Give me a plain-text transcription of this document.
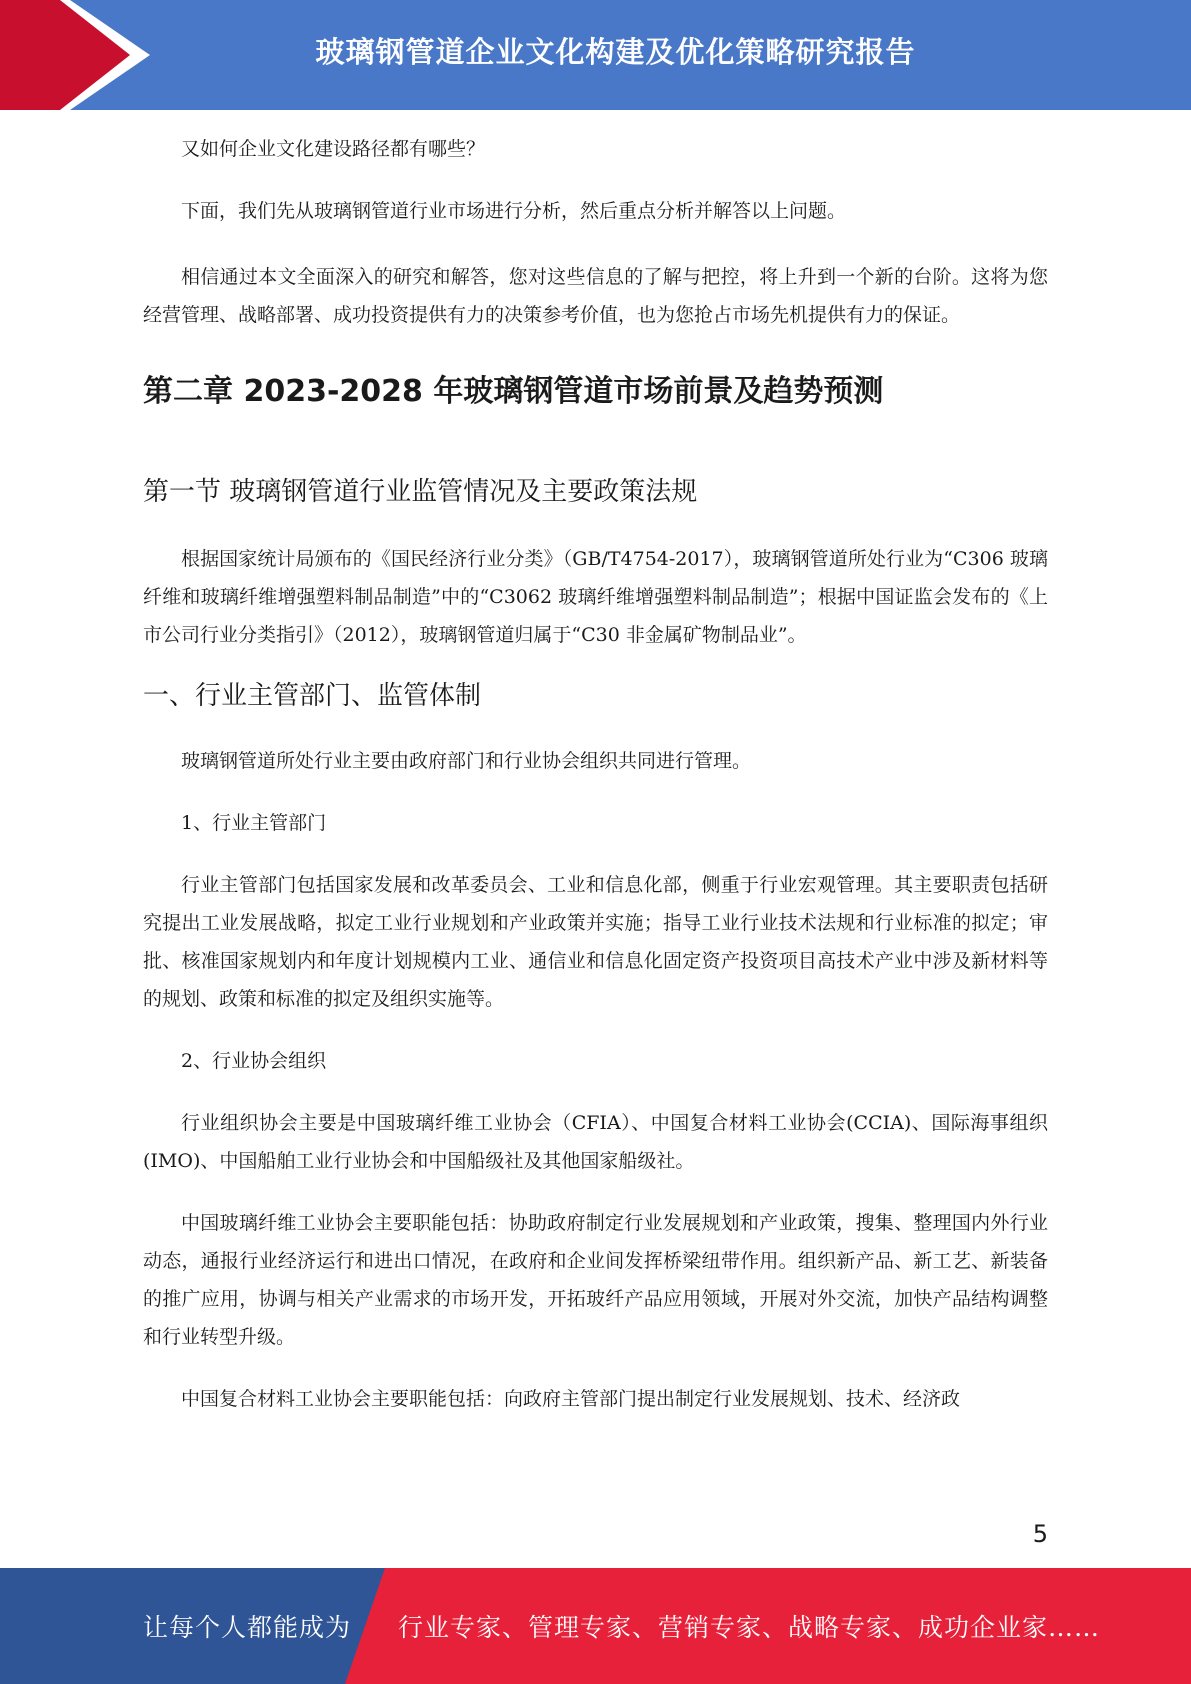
玻璃钢管道企业文化构建及优化策略研究报告

又如何企业文化建设路径都有哪些？

下面，我们先从玻璃钢管道行业市场进行分析，然后重点分析并解答以上问题。

相信通过本文全面深入的研究和解答，您对这些信息的了解与把控，将上升到一个新的台阶。这将为您经营管理、战略部署、成功投资提供有力的决策参考价值，也为您抢占市场先机提供有力的保证。

第二章 2023-2028 年玻璃钢管道市场前景及趋势预测
第一节 玻璃钢管道行业监管情况及主要政策法规

根据国家统计局颁布的《国民经济行业分类》（GB/T4754-2017），玻璃钢管道所处行业为“C306 玻璃纤维和玻璃纤维增强塑料制品制造”中的“C3062 玻璃纤维增强塑料制品制造”；根据中国证监会发布的《上市公司行业分类指引》（2012），玻璃钢管道归属于“C30 非金属矿物制品业”。

一、行业主管部门、监管体制

玻璃钢管道所处行业主要由政府部门和行业协会组织共同进行管理。

1、行业主管部门

行业主管部门包括国家发展和改革委员会、工业和信息化部，侧重于行业宏观管理。其主要职责包括研究提出工业发展战略，拟定工业行业规划和产业政策并实施；指导工业行业技术法规和行业标准的拟定；审批、核准国家规划内和年度计划规模内工业、通信业和信息化固定资产投资项目高技术产业中涉及新材料等的规划、政策和标准的拟定及组织实施等。

2、行业协会组织

行业组织协会主要是中国玻璃纤维工业协会（CFIA）、中国复合材料工业协会(CCIA)、国际海事组织(IMO)、中国船舶工业行业协会和中国船级社及其他国家船级社。

中国玻璃纤维工业协会主要职能包括：协助政府制定行业发展规划和产业政策，搜集、整理国内外行业动态，通报行业经济运行和进出口情况，在政府和企业间发挥桥梁纽带作用。组织新产品、新工艺、新装备的推广应用，协调与相关产业需求的市场开发，开拓玻纤产品应用领域，开展对外交流，加快产品结构调整和行业转型升级。

中国复合材料工业协会主要职能包括：向政府主管部门提出制定行业发展规划、技术、经济政

5
让每个人都能成为 行业专家、管理专家、营销专家、战略专家、成功企业家……
